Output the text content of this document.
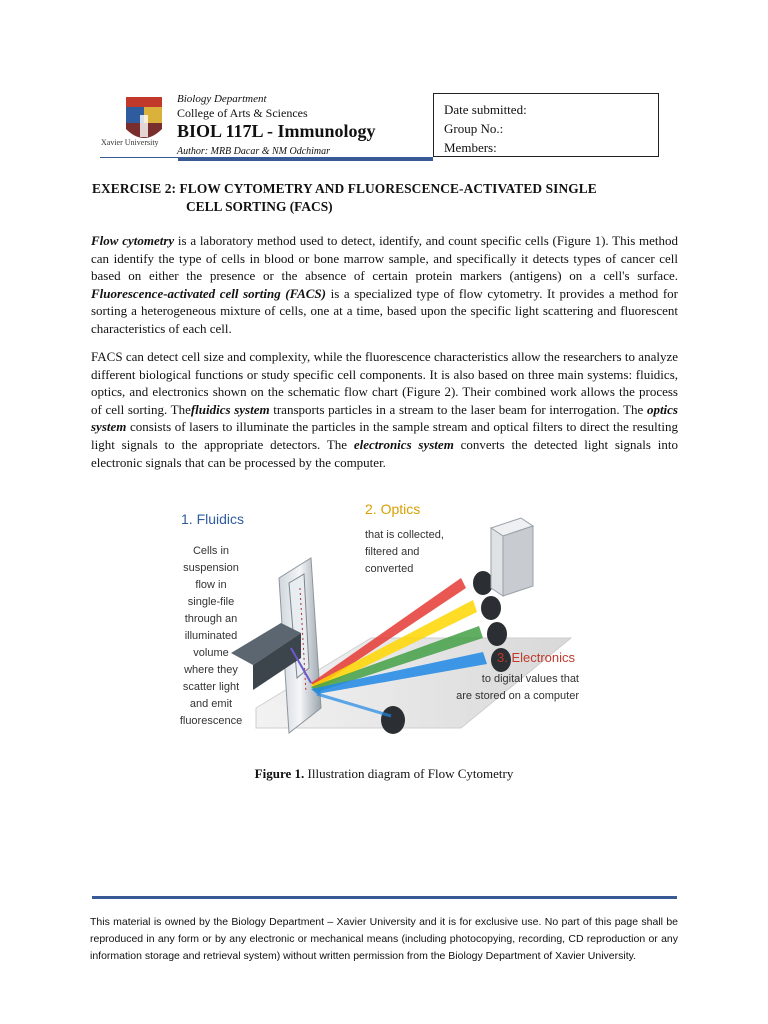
Xavier University
Biology Department
College of Arts & Sciences
BIOL 117L - Immunology
Author: MRB Dacar & NM Odchimar
Date submitted:
Group No.:
Members:
EXERCISE 2: FLOW CYTOMETRY AND FLUORESCENCE-ACTIVATED SINGLE
CELL SORTING (FACS)
Flow cytometry is a laboratory method used to detect, identify, and count specific cells (Figure 1). This method can identify the type of cells in blood or bone marrow sample, and specifically it detects types of cancer cell based on either the presence or the absence of certain protein markers (antigens) on a cell's surface. Fluorescence-activated cell sorting (FACS) is a specialized type of flow cytometry. It provides a method for sorting a heterogeneous mixture of cells, one at a time, based upon the specific light scattering and fluorescent characteristics of each cell.
FACS can detect cell size and complexity, while the fluorescence characteristics allow the researchers to analyze different biological functions or study specific cell components. It is also based on three main systems: fluidics, optics, and electronics shown on the schematic flow chart (Figure 2). Their combined work allows the process of cell sorting. Thefluidics system transports particles in a stream to the laser beam for interrogation. The optics system consists of lasers to illuminate the particles in the sample stream and optical filters to direct the resulting light signals to the appropriate detectors. The electronics system converts the detected light signals into electronic signals that can be processed by the computer.
1. Fluidics
Cells in
suspension
flow in
single-file
through an
illuminated
volume
where they
scatter light
and emit
fluorescence
2. Optics
that is collected,
filtered and
converted
3. Electronics
to digital values that
are stored on a computer
Figure 1. Illustration diagram of Flow Cytometry
This material is owned by the Biology Department – Xavier University and it is for exclusive use. No part of this page shall be reproduced in any form or by any electronic or mechanical means (including photocopying, recording, CD reproduction or any information storage and retrieval system) without written permission from the Biology Department of Xavier University.
